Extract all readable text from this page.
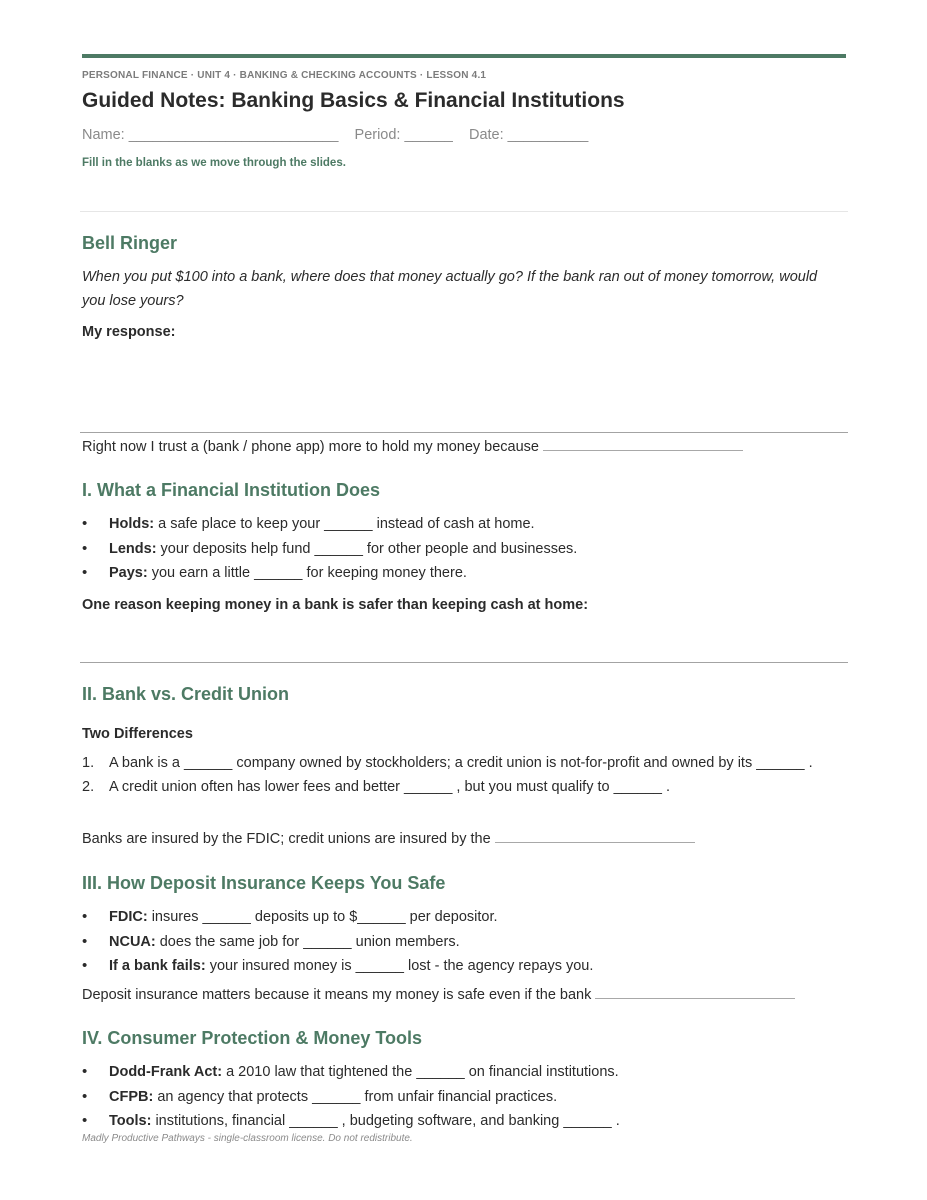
PERSONAL FINANCE · UNIT 4 · BANKING & CHECKING ACCOUNTS · LESSON 4.1
Guided Notes: Banking Basics & Financial Institutions
Name: __________________________    Period: ______    Date: __________
Fill in the blanks as we move through the slides.
Bell Ringer
When you put $100 into a bank, where does that money actually go? If the bank ran out of money tomorrow, would you lose yours?
My response:
Right now I trust a (bank / phone app) more to hold my money because
I. What a Financial Institution Does
• Holds: a safe place to keep your ______ instead of cash at home.
• Lends: your deposits help fund ______ for other people and businesses.
• Pays: you earn a little ______ for keeping money there.
One reason keeping money in a bank is safer than keeping cash at home:
II. Bank vs. Credit Union
Two Differences
1. A bank is a ______ company owned by stockholders; a credit union is not-for-profit and owned by its ______ .
2. A credit union often has lower fees and better ______ , but you must qualify to ______ .
Banks are insured by the FDIC; credit unions are insured by the
III. How Deposit Insurance Keeps You Safe
• FDIC: insures ______ deposits up to $______ per depositor.
• NCUA: does the same job for ______ union members.
• If a bank fails: your insured money is ______ lost - the agency repays you.
Deposit insurance matters because it means my money is safe even if the bank
IV. Consumer Protection & Money Tools
• Dodd-Frank Act: a 2010 law that tightened the ______ on financial institutions.
• CFPB: an agency that protects ______ from unfair financial practices.
• Tools: institutions, financial ______ , budgeting software, and banking ______ .
Madly Productive Pathways - single-classroom license. Do not redistribute.
